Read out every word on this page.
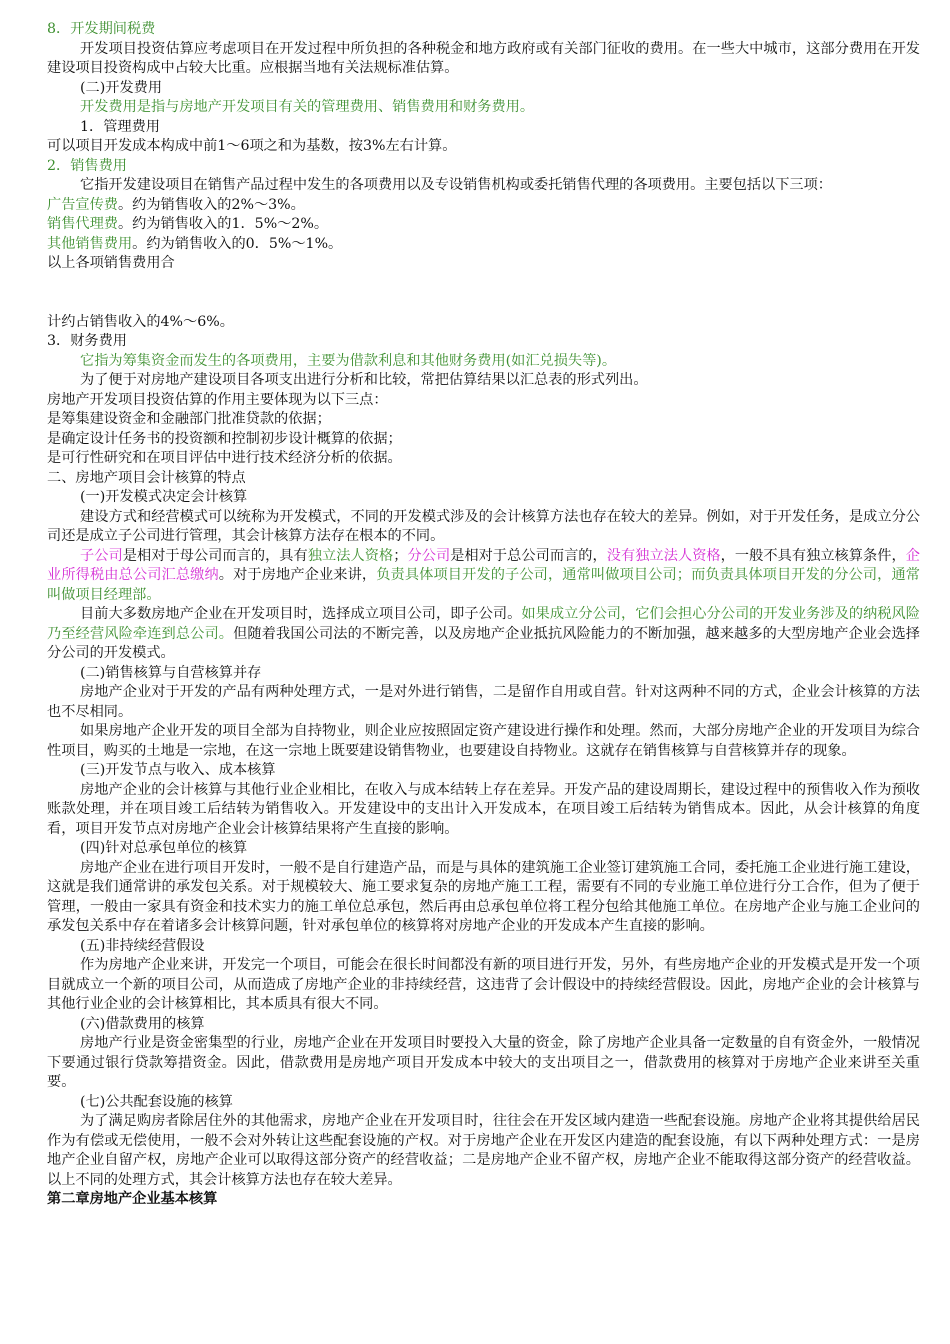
8．开发期间税费

开发项目投资估算应考虑项目在开发过程中所负担的各种税金和地方政府或有关部门征收的费用。在一些大中城市，这部分费用在开发建设项目投资构成中占较大比重。应根据当地有关法规标准估算。

(二)开发费用

开发费用是指与房地产开发项目有关的管理费用、销售费用和财务费用。

1．管理费用

可以项目开发成本构成中前1～6项之和为基数，按3%左右计算。

2．销售费用

它指开发建设项目在销售产品过程中发生的各项费用以及专设销售机构或委托销售代理的各项费用。主要包括以下三项：

广告宣传费。约为销售收入的2%～3%。

销售代理费。约为销售收入的1．5%～2%。

其他销售费用。约为销售收入的0．5%～1%。

以上各项销售费用合

计约占销售收入的4%～6%。

3．财务费用

它指为筹集资金而发生的各项费用，主要为借款利息和其他财务费用(如汇兑损失等)。

为了便于对房地产建设项目各项支出进行分析和比较，常把估算结果以汇总表的形式列出。

房地产开发项目投资估算的作用主要体现为以下三点：

是筹集建设资金和金融部门批准贷款的依据；

是确定设计任务书的投资额和控制初步设计概算的依据；

是可行性研究和在项目评估中进行技术经济分析的依据。

二、房地产项目会计核算的特点

(一)开发模式决定会计核算

建设方式和经营模式可以统称为开发模式，不同的开发模式涉及的会计核算方法也存在较大的差异。例如，对于开发任务，是成立分公司还是成立子公司进行管理，其会计核算方法存在根本的不同。

子公司是相对于母公司而言的，具有独立法人资格；分公司是相对于总公司而言的，没有独立法人资格，一般不具有独立核算条件，企业所得税由总公司汇总缴纳。对于房地产企业来讲，负责具体项目开发的子公司，通常叫做项目公司；而负责具体项目开发的分公司，通常叫做项目经理部。

目前大多数房地产企业在开发项目时，选择成立项目公司，即子公司。如果成立分公司，它们会担心分公司的开发业务涉及的纳税风险乃至经营风险牵连到总公司。但随着我国公司法的不断完善，以及房地产企业抵抗风险能力的不断加强，越来越多的大型房地产企业会选择分公司的开发模式。

(二)销售核算与自营核算并存

房地产企业对于开发的产品有两种处理方式，一是对外进行销售，二是留作自用或自营。针对这两种不同的方式，企业会计核算的方法也不尽相同。

如果房地产企业开发的项目全部为自持物业，则企业应按照固定资产建设进行操作和处理。然而，大部分房地产企业的开发项目为综合性项目，购买的土地是一宗地，在这一宗地上既要建设销售物业，也要建设自持物业。这就存在销售核算与自营核算并存的现象。

(三)开发节点与收入、成本核算

房地产企业的会计核算与其他行业企业相比，在收入与成本结转上存在差异。开发产品的建设周期长，建设过程中的预售收入作为预收账款处理，并在项目竣工后结转为销售收入。开发建设中的支出计入开发成本，在项目竣工后结转为销售成本。因此，从会计核算的角度看，项目开发节点对房地产企业会计核算结果将产生直接的影响。

(四)针对总承包单位的核算

房地产企业在进行项目开发时，一般不是自行建造产品，而是与具体的建筑施工企业签订建筑施工合同，委托施工企业进行施工建设，这就是我们通常讲的承发包关系。对于规模较大、施工要求复杂的房地产施工工程，需要有不同的专业施工单位进行分工合作，但为了便于管理，一般由一家具有资金和技术实力的施工单位总承包，然后再由总承包单位将工程分包给其他施工单位。在房地产企业与施工企业问的承发包关系中存在着诸多会计核算问题，针对承包单位的核算将对房地产企业的开发成本产生直接的影响。

(五)非持续经营假设

作为房地产企业来讲，开发完一个项目，可能会在很长时间都没有新的项目进行开发，另外，有些房地产企业的开发模式是开发一个项目就成立一个新的项目公司，从而造成了房地产企业的非持续经营，这违背了会计假设中的持续经营假设。因此，房地产企业的会计核算与其他行业企业的会计核算相比，其本质具有很大不同。

(六)借款费用的核算

房地产行业是资金密集型的行业，房地产企业在开发项目时要投入大量的资金，除了房地产企业具备一定数量的自有资金外，一般情况下要通过银行贷款筹措资金。因此，借款费用是房地产项目开发成本中较大的支出项目之一，借款费用的核算对于房地产企业来讲至关重要。

(七)公共配套设施的核算

为了满足购房者除居住外的其他需求，房地产企业在开发项目时，往往会在开发区域内建造一些配套设施。房地产企业将其提供给居民作为有偿或无偿使用，一般不会对外转让这些配套设施的产权。对于房地产企业在开发区内建造的配套设施，有以下两种处理方式：一是房地产企业自留产权，房地产企业可以取得这部分资产的经营收益；二是房地产企业不留产权，房地产企业不能取得这部分资产的经营收益。以上不同的处理方式，其会计核算方法也存在较大差异。

第二章房地产企业基本核算
